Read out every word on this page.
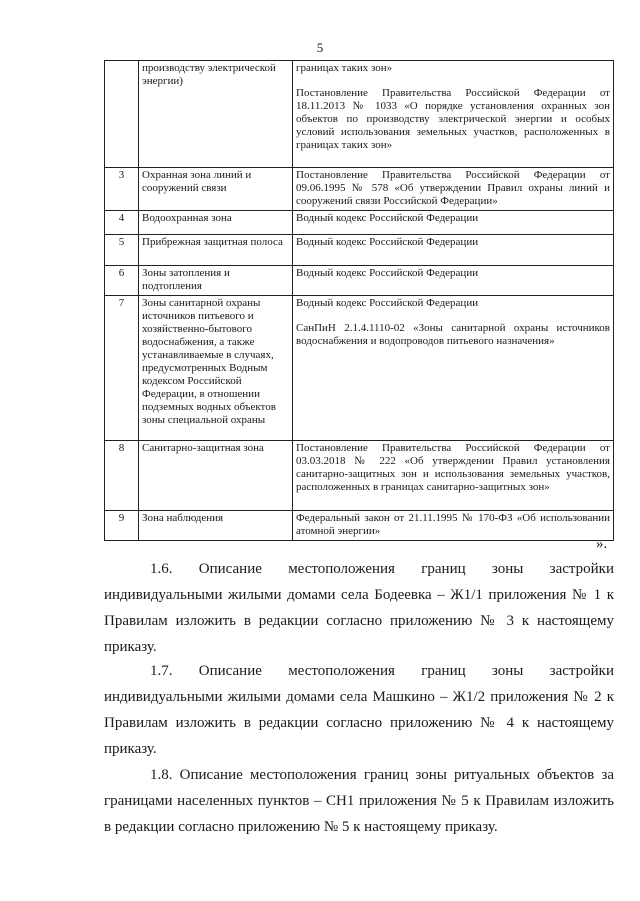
5
	производству электрической энергии)	границах таких зон»

Постановление Правительства Российской Федерации от 18.11.2013 № 1033 «О порядке установления охранных зон объектов по производству электрической энергии и особых условий использования земельных участков, расположенных в границах таких зон»

3	Охранная зона линий и сооружений связи	Постановление Правительства Российской Федерации от 09.06.1995 № 578 «Об утверждении Правил охраны линий и сооружений связи Российской Федерации»

4	Водоохранная зона	Водный кодекс Российской Федерации

5	Прибрежная защитная полоса	Водный кодекс Российской Федерации

6	Зоны затопления и подтопления	Водный кодекс Российской Федерации

7	Зоны санитарной охраны источников питьевого и хозяйственно-бытового водоснабжения, а также устанавливаемые в случаях, предусмотренных Водным кодексом Российской Федерации, в отношении подземных водных объектов зоны специальной охраны	Водный кодекс Российской Федерации

СанПиН 2.1.4.1110-02 «Зоны санитарной охраны источников водоснабжения и водопроводов питьевого назначения»

8	Санитарно-защитная зона	Постановление Правительства Российской Федерации от 03.03.2018 № 222 «Об утверждении Правил установления санитарно-защитных зон и использования земельных участков, расположенных в границах санитарно-защитных зон»

9	Зона наблюдения	Федеральный закон от 21.11.1995 № 170-ФЗ «Об использовании атомной энергии»

».

1.6. Описание местоположения границ зоны застройки индивидуальными жилыми домами села Бодеевка – Ж1/1 приложения № 1 к Правилам изложить в редакции согласно приложению № 3 к настоящему приказу.

1.7. Описание местоположения границ зоны застройки индивидуальными жилыми домами села Машкино – Ж1/2 приложения № 2 к Правилам изложить в редакции согласно приложению № 4 к настоящему приказу.

1.8. Описание местоположения границ зоны ритуальных объектов за границами населенных пунктов – СН1 приложения № 5 к Правилам изложить в редакции согласно приложению № 5 к настоящему приказу.
